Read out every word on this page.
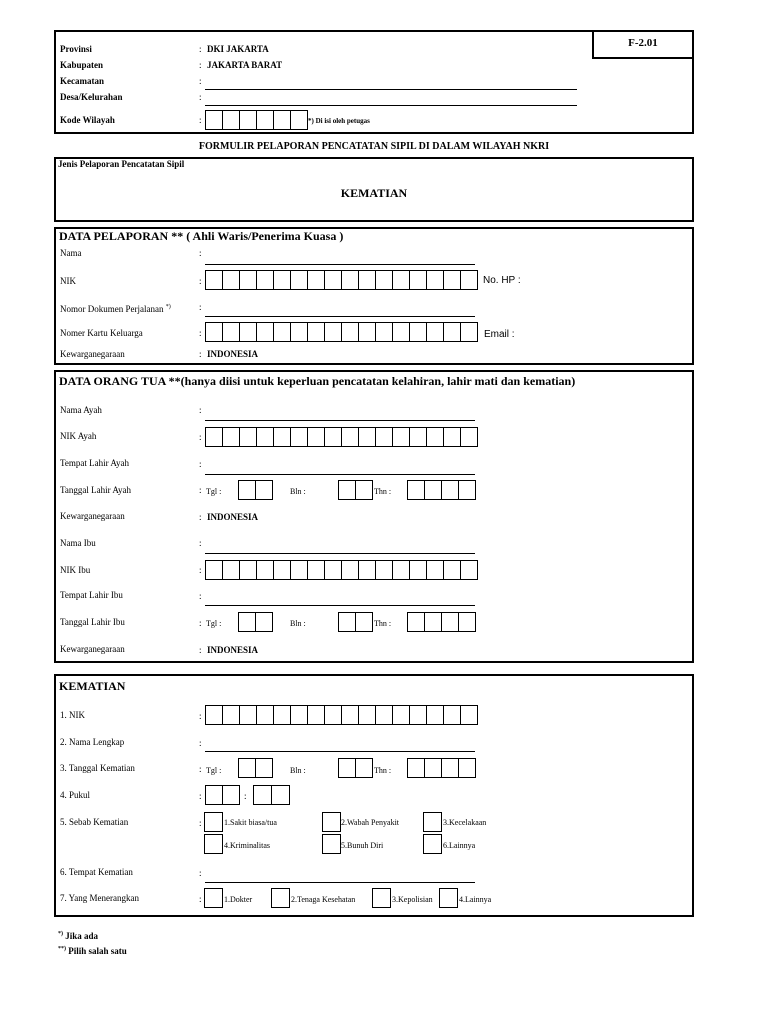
F-2.01
Provinsi	: DKI JAKARTA
Kabupaten	: JAKARTA BARAT
Kecamatan	:
Desa/Kelurahan	:
Kode Wilayah	:	*) Di isi oleh petugas
FORMULIR PELAPORAN PENCATATAN SIPIL DI DALAM WILAYAH NKRI
Jenis Pelaporan Pencatatan Sipil
KEMATIAN
DATA PELAPORAN ** ( Ahli Waris/Penerima Kuasa )
Nama	:
NIK	:	No. HP :
Nomor Dokumen Perjalanan *)	:
Nomer Kartu Keluarga	:	Email :
Kewarganegaraan	: INDONESIA
DATA ORANG TUA **(hanya diisi untuk keperluan pencatatan kelahiran, lahir mati dan kematian)
Nama Ayah	:
NIK Ayah	:
Tempat Lahir Ayah	:
Tanggal Lahir Ayah	: Tgl :	Bln :	Thn :
Kewarganegaraan	: INDONESIA
Nama Ibu	:
NIK Ibu	:
Tempat Lahir Ibu	:
Tanggal Lahir Ibu	: Tgl :	Bln :	Thn :
Kewarganegaraan	: INDONESIA
KEMATIAN
1. NIK	:
2. Nama Lengkap	:
3. Tanggal Kematian	: Tgl :	Bln :	Thn :
4. Pukul	:	:
5. Sebab Kematian	:	1.Sakit biasa/tua	2.Wabah Penyakit	3.Kecelakaan
4.Kriminalitas	5.Bunuh Diri	6.Lainnya
6. Tempat Kematian	:
7. Yang Menerangkan	:	1.Dokter	2.Tenaga Kesehatan	3.Kepolisian	4.Lainnya
*) Jika ada
**) Pilih salah satu
